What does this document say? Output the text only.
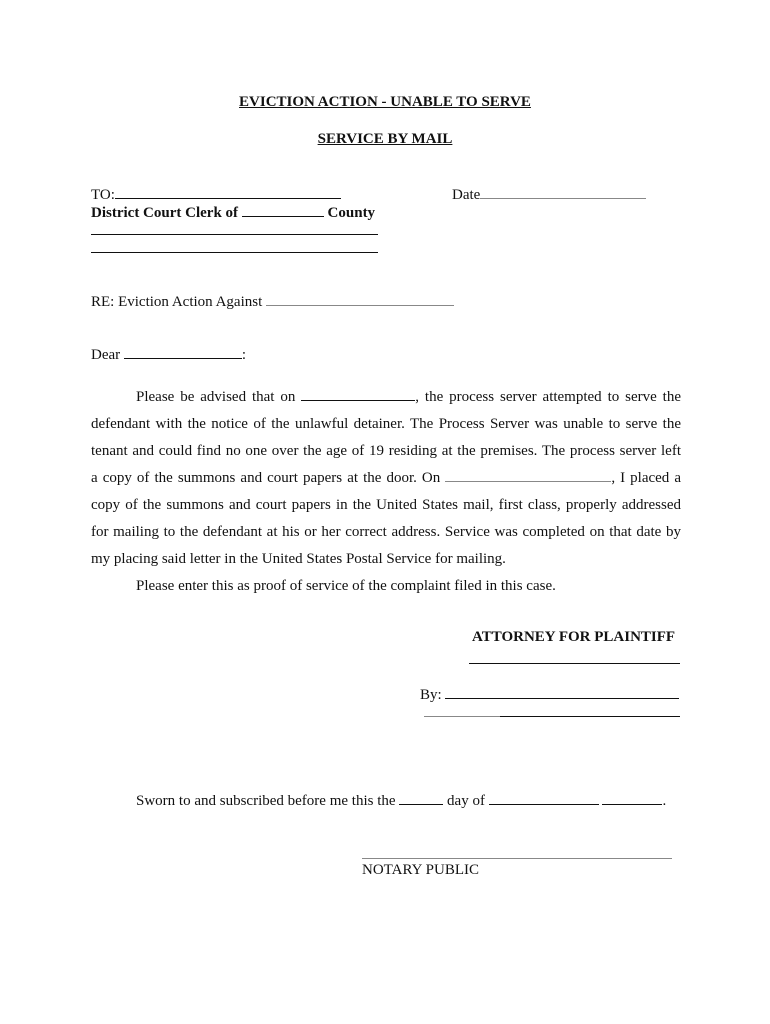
EVICTION ACTION - UNABLE TO SERVE
SERVICE BY MAIL
TO:	Date
District Court Clerk of	County
RE: Eviction Action Against
Dear	:
Please be advised that on	, the process server attempted to serve the
defendant with the notice of the unlawful detainer. The Process Server was unable to serve the
tenant and could find no one over the age of 19 residing at the premises. The process server left
a copy of the summons and court papers at the door. On	, I placed a
copy of the summons and court papers in the United States mail, first class, properly addressed
for mailing to the defendant at his or her correct address. Service was completed on that date by
my placing said letter in the United States Postal Service for mailing.
Please enter this as proof of service of the complaint filed in this case.
ATTORNEY FOR PLAINTIFF
By:
Sworn to and subscribed before me this the	day of	.
NOTARY PUBLIC
